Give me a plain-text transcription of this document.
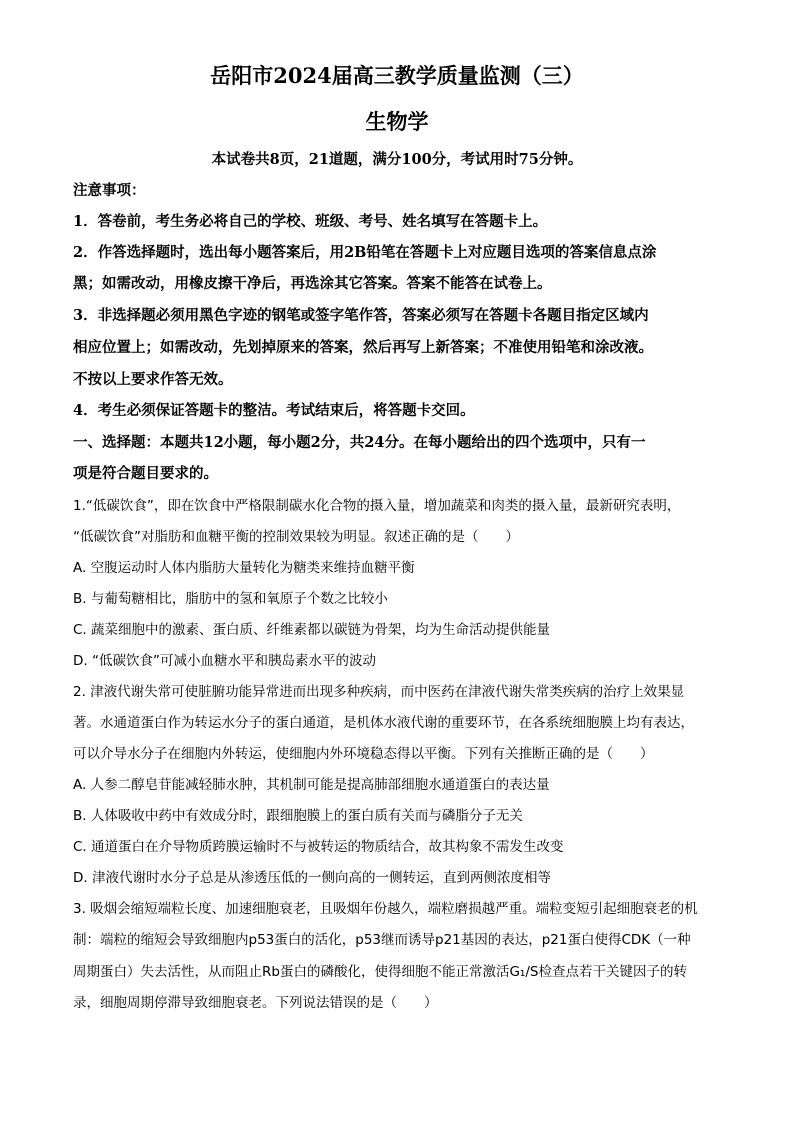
岳阳市2024届高三教学质量监测（三）
生物学
本试卷共8页，21道题，满分100分，考试用时75分钟。
注意事项：
1．答卷前，考生务必将自己的学校、班级、考号、姓名填写在答题卡上。
2．作答选择题时，选出每小题答案后，用2B铅笔在答题卡上对应题目选项的答案信息点涂
黑；如需改动，用橡皮擦干净后，再选涂其它答案。答案不能答在试卷上。
3．非选择题必须用黑色字迹的钢笔或签字笔作答，答案必须写在答题卡各题目指定区域内
相应位置上；如需改动，先划掉原来的答案，然后再写上新答案；不准使用铅笔和涂改液。
不按以上要求作答无效。
4．考生必须保证答题卡的整洁。考试结束后，将答题卡交回。
一、选择题：本题共12小题，每小题2分，共24分。在每小题给出的四个选项中，只有一
项是符合题目要求的。
1.“低碳饮食”，即在饮食中严格限制碳水化合物的摄入量，增加蔬菜和肉类的摄入量，最新研究表明，
“低碳饮食”对脂肪和血糖平衡的控制效果较为明显。叙述正确的是（　　）
A. 空腹运动时人体内脂肪大量转化为糖类来维持血糖平衡
B. 与葡萄糖相比，脂肪中的氢和氧原子个数之比较小
C. 蔬菜细胞中的激素、蛋白质、纤维素都以碳链为骨架，均为生命活动提供能量
D. “低碳饮食”可减小血糖水平和胰岛素水平的波动
2. 津液代谢失常可使脏腑功能异常进而出现多种疾病，而中医药在津液代谢失常类疾病的治疗上效果显
著。水通道蛋白作为转运水分子的蛋白通道，是机体水液代谢的重要环节，在各系统细胞膜上均有表达，
可以介导水分子在细胞内外转运，使细胞内外环境稳态得以平衡。下列有关推断正确的是（　　）
A. 人参二醇皂苷能减轻肺水肿，其机制可能是提高肺部细胞水通道蛋白的表达量
B. 人体吸收中药中有效成分时，跟细胞膜上的蛋白质有关而与磷脂分子无关
C. 通道蛋白在介导物质跨膜运输时不与被转运的物质结合，故其构象不需发生改变
D. 津液代谢时水分子总是从渗透压低的一侧向高的一侧转运，直到两侧浓度相等
3. 吸烟会缩短端粒长度、加速细胞衰老，且吸烟年份越久，端粒磨损越严重。端粒变短引起细胞衰老的机
制：端粒的缩短会导致细胞内p53蛋白的活化，p53继而诱导p21基因的表达，p21蛋白使得CDK（一种
周期蛋白）失去活性，从而阻止Rb蛋白的磷酸化，使得细胞不能正常激活G₁/S检查点若干关键因子的转
录，细胞周期停滞导致细胞衰老。下列说法错误的是（　　）
